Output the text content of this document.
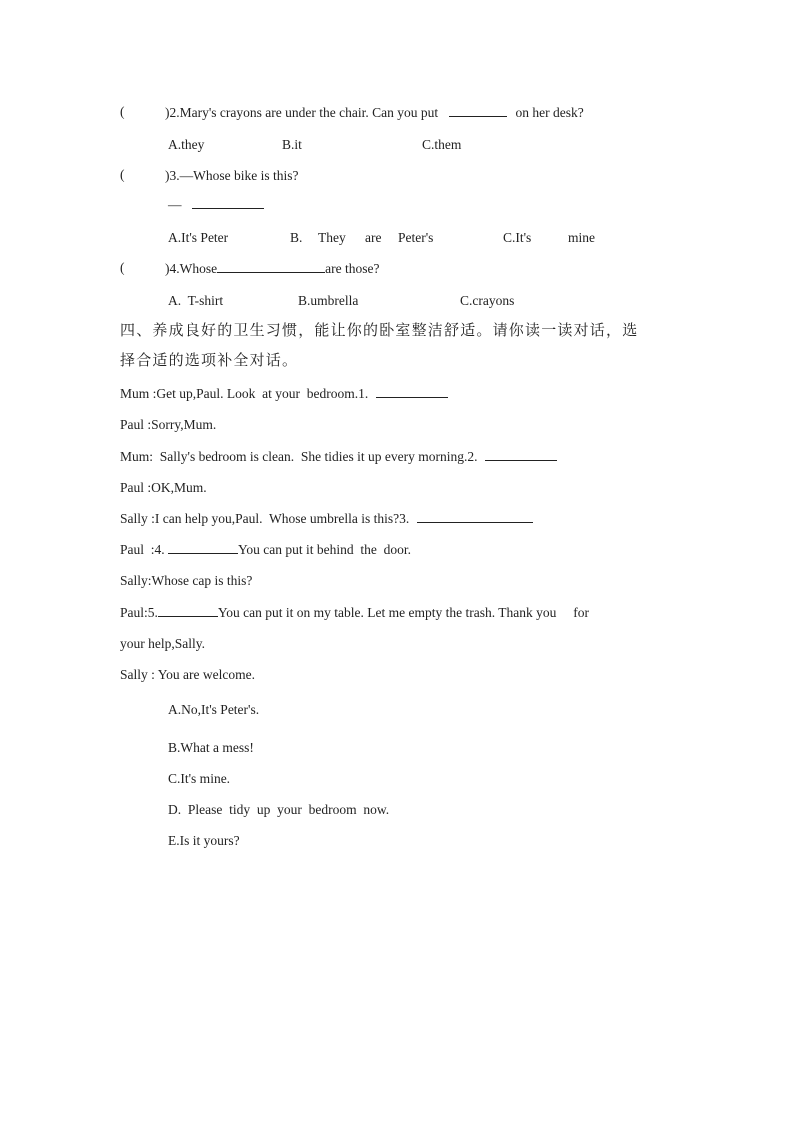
(	)2.Mary's crayons are under the chair. Can you put	on her desk?
A.they	B.it	C.them
(	)3.—Whose bike is this?
—
A.It's Peter	B. They are Peter's	C.It's	mine
(	)4.Whose	are those?
A.  T-shirt	B.umbrella	C.crayons
四、养成良好的卫生习惯，能让你的卧室整洁舒适。请你读一读对话，选
择合适的选项补全对话。
Mum :Get up,Paul. Look  at your  bedroom.1.
Paul :Sorry,Mum.
Mum:  Sally's bedroom is clean.  She tidies it up every morning.2.
Paul :OK,Mum.
Sally :I can help you,Paul.  Whose umbrella is this?3.
Paul  :4.	You can put it behind  the  door.
Sally:Whose cap is this?
Paul:5.	You can put it on my table. Let me empty the trash. Thank you     for
your help,Sally.
Sally : You are welcome.
A.No,It's Peter's.
B.What a mess!
C.It's mine.
D.  Please  tidy  up  your  bedroom  now.
E.Is it yours?
